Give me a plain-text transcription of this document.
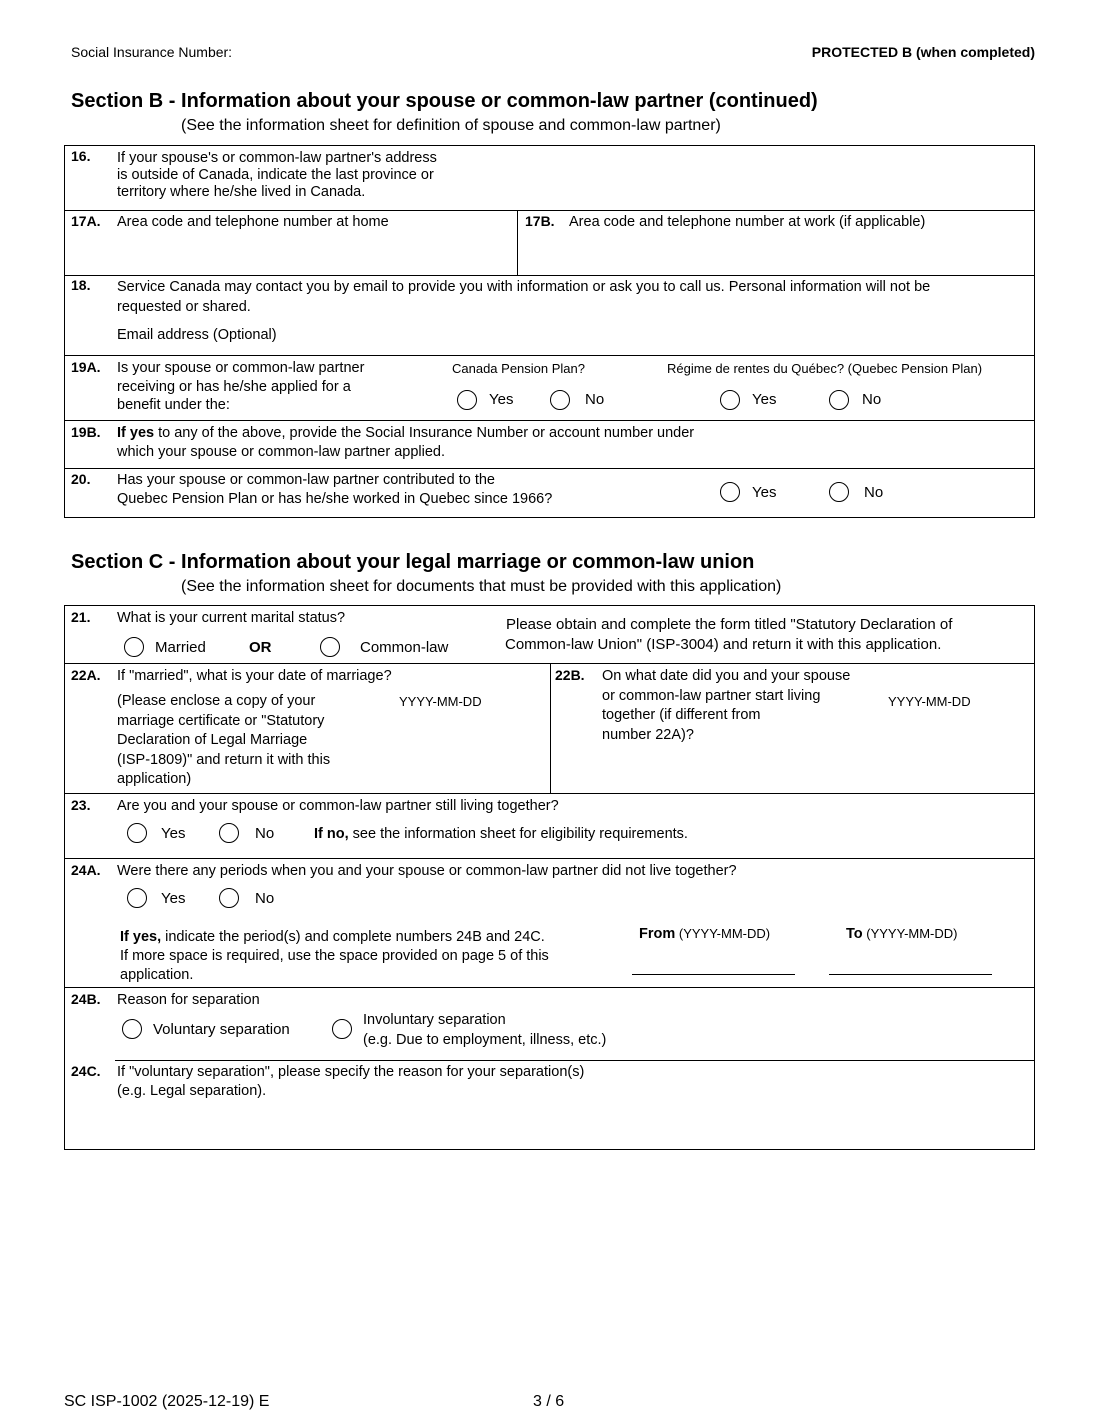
Social Insurance Number:	PROTECTED B (when completed)
Section B - Information about your spouse or common-law partner (continued)
(See the information sheet for definition of spouse and common-law partner)
16. If your spouse's or common-law partner's address
is outside of Canada, indicate the last province or
territory where he/she lived in Canada.
17A. Area code and telephone number at home	17B. Area code and telephone number at work (if applicable)
18. Service Canada may contact you by email to provide you with information or ask you to call us. Personal information will not be
requested or shared.
Email address (Optional)
19A. Is your spouse or common-law partner
receiving or has he/she applied for a
benefit under the:
Canada Pension Plan?	Régime de rentes du Québec? (Quebec Pension Plan)
Yes	No	Yes	No
19B. If yes to any of the above, provide the Social Insurance Number or account number under
which your spouse or common-law partner applied.
20. Has your spouse or common-law partner contributed to the
Quebec Pension Plan or has he/she worked in Quebec since 1966?	Yes	No
Section C - Information about your legal marriage or common-law union
(See the information sheet for documents that must be provided with this application)
21. What is your current marital status?
Married	OR	Common-law
Please obtain and complete the form titled "Statutory Declaration of
Common-law Union" (ISP-3004) and return it with this application.
22A. If "married", what is your date of marriage?
(Please enclose a copy of your
marriage certificate or "Statutory
Declaration of Legal Marriage
(ISP-1809)" and return it with this
application)
YYYY-MM-DD
22B. On what date did you and your spouse
or common-law partner start living
together (if different from
number 22A)?
YYYY-MM-DD
23. Are you and your spouse or common-law partner still living together?
Yes	No	If no, see the information sheet for eligibility requirements.
24A. Were there any periods when you and your spouse or common-law partner did not live together?
Yes	No
If yes, indicate the period(s) and complete numbers 24B and 24C.
If more space is required, use the space provided on page 5 of this
application.
From (YYYY-MM-DD)	To (YYYY-MM-DD)
24B. Reason for separation
Voluntary separation
Involuntary separation
(e.g. Due to employment, illness, etc.)
24C. If "voluntary separation", please specify the reason for your separation(s)
(e.g. Legal separation).
SC ISP-1002 (2025-12-19) E	3 / 6
